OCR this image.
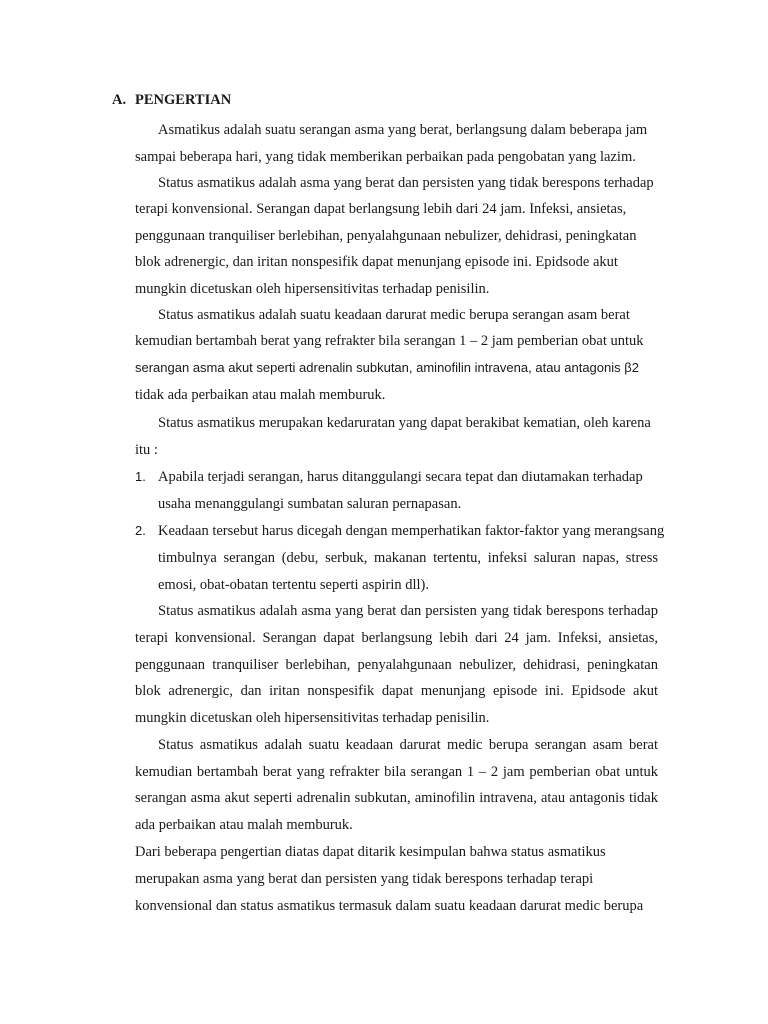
A. PENGERTIAN

Asmatikus adalah suatu serangan asma yang berat, berlangsung dalam beberapa jam

sampai beberapa hari, yang tidak memberikan perbaikan pada pengobatan yang lazim.

Status asmatikus adalah asma yang berat dan persisten yang tidak berespons terhadap

terapi konvensional. Serangan dapat berlangsung lebih dari 24 jam. Infeksi, ansietas,

penggunaan tranquiliser berlebihan, penyalahgunaan nebulizer, dehidrasi, peningkatan

blok adrenergic, dan iritan nonspesifik dapat menunjang episode ini. Epidsode akut

mungkin dicetuskan oleh hipersensitivitas terhadap penisilin.

Status asmatikus adalah suatu keadaan darurat medic berupa serangan asam berat

kemudian bertambah berat yang refrakter bila serangan 1 – 2 jam pemberian obat untuk

serangan asma akut seperti adrenalin subkutan, aminofilin intravena, atau antagonis β2

tidak ada perbaikan atau malah memburuk.

Status asmatikus merupakan kedaruratan yang dapat berakibat kematian, oleh karena

itu :

1. Apabila terjadi serangan, harus ditanggulangi secara tepat dan diutamakan terhadap

usaha menanggulangi sumbatan saluran pernapasan.

2. Keadaan tersebut harus dicegah dengan memperhatikan faktor-faktor yang merangsang

timbulnya serangan (debu, serbuk, makanan tertentu, infeksi saluran napas, stress

emosi, obat-obatan tertentu seperti aspirin dll).

Status asmatikus adalah asma yang berat dan persisten yang tidak berespons terhadap

terapi konvensional. Serangan dapat berlangsung lebih dari 24 jam. Infeksi, ansietas,

penggunaan tranquiliser berlebihan, penyalahgunaan nebulizer, dehidrasi, peningkatan

blok adrenergic, dan iritan nonspesifik dapat menunjang episode ini. Epidsode akut

mungkin dicetuskan oleh hipersensitivitas terhadap penisilin.

Status asmatikus adalah suatu keadaan darurat medic berupa serangan asam berat

kemudian bertambah berat yang refrakter bila serangan 1 – 2 jam pemberian obat untuk

serangan asma akut seperti adrenalin subkutan, aminofilin intravena, atau antagonis tidak

ada perbaikan atau malah memburuk.

Dari beberapa pengertian diatas dapat ditarik kesimpulan bahwa status asmatikus

merupakan asma yang berat dan persisten yang tidak berespons terhadap terapi

konvensional dan status asmatikus termasuk dalam suatu keadaan darurat medic berupa
